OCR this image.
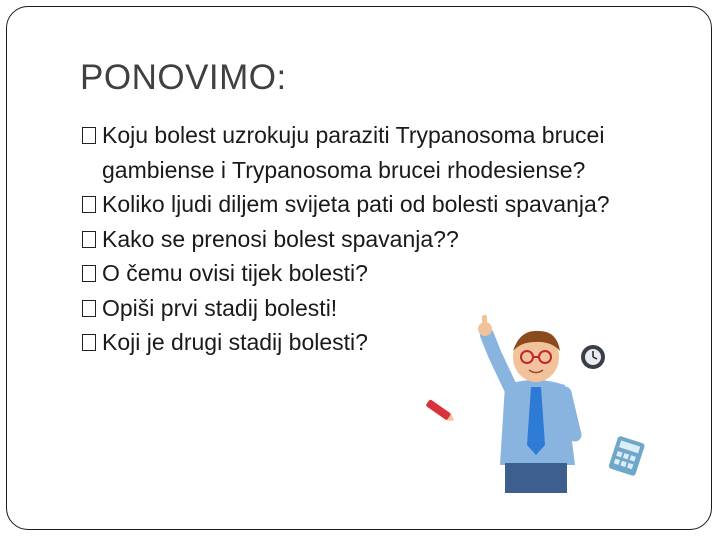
PONOVIMO:
Koju bolest uzrokuju paraziti Trypanosoma brucei gambiense i Trypanosoma brucei rhodesiense?
Koliko ljudi diljem svijeta pati od bolesti spavanja?
Kako se prenosi bolest spavanja??
O čemu ovisi tijek bolesti?
Opiši prvi stadij bolesti!
Koji je drugi stadij bolesti?
